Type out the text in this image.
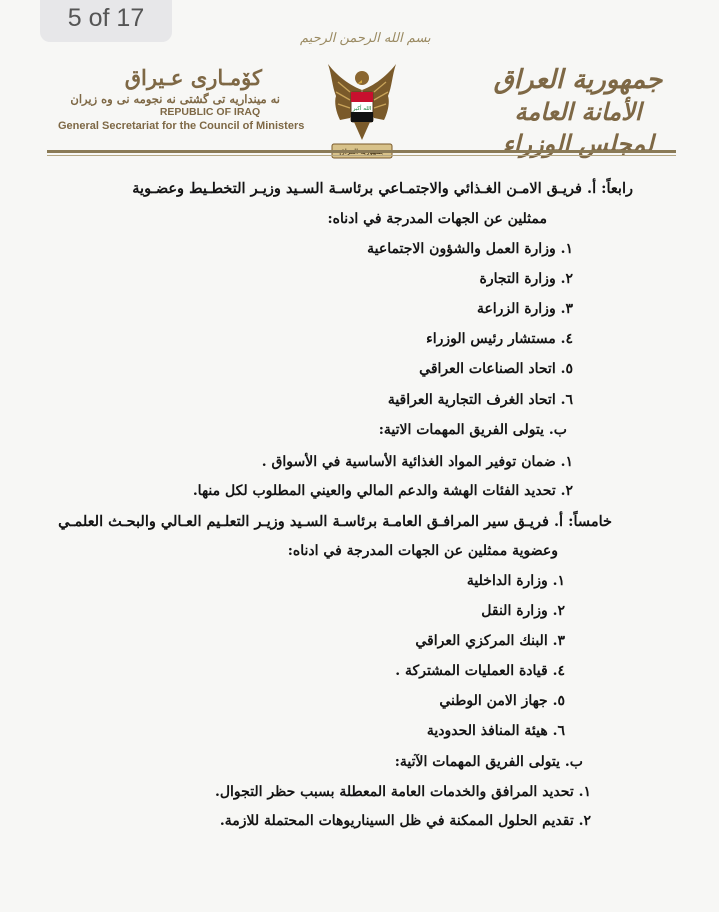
5 of 17
بسم الله الرحمن الرحيم
كۆمـارى عـيراق
نه مينداريه تى گشتى نه نجومه نى وه زيران
REPUBLIC OF IRAQ
General Secretariat for the Council of Ministers
الله أكبر
جمهورية العراق
جمهورية العراق
الأمانة العامة لمجلس الوزراء
رابعاً: أ. فريـق الامـن الغـذائي والاجتمـاعي برئاسـة السـيد وزيـر التخطـيط وعضـوية
ممثلين عن الجهات المدرجة في ادناه:
١. وزارة العمل والشؤون الاجتماعية
٢. وزارة التجارة
٣. وزارة الزراعة
٤. مستشار رئيس الوزراء
٥. اتحاد الصناعات العراقي
٦. اتحاد الغرف التجارية العراقية
ب. يتولى الفريق المهمات الاتية:
١. ضمان توفير المواد الغذائية الأساسية في الأسواق .
٢. تحديد الفئات الهشة والدعم المالي والعيني المطلوب لكل منها.
خامساً: أ. فريـق سير المرافـق العامـة برئاسـة السـيد وزيـر التعلـيم العـالي والبحـث العلمـي
وعضوية ممثلين عن الجهات المدرجة في ادناه:
١. وزارة الداخلية
٢. وزارة النقل
٣. البنك المركزي العراقي
٤. قيادة العمليات المشتركة .
٥. جهاز الامن الوطني
٦. هيئة المنافذ الحدودية
ب. يتولى الفريق المهمات الآتية:
١. تحديد المرافق والخدمات العامة المعطلة بسبب حظر التجوال.
٢. تقديم الحلول الممكنة في ظل السيناريوهات المحتملة للازمة.
